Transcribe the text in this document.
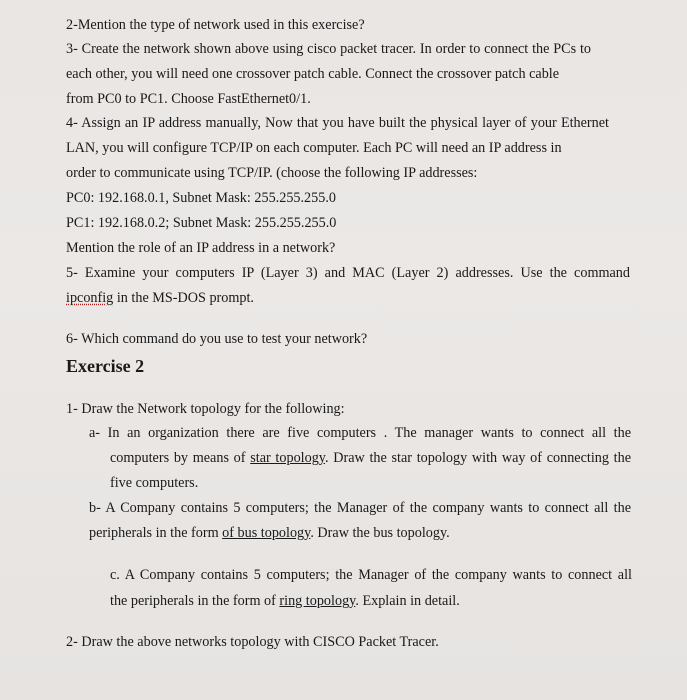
2-Mention the type of network used in this exercise?
3- Create the network shown above using cisco packet tracer. In order to connect the PCs to
each other, you will need one crossover patch cable. Connect the crossover patch cable
from PC0 to PC1. Choose FastEthernet0/1.
4- Assign an IP address manually, Now that you have built the physical layer of your Ethernet
LAN, you will configure TCP/IP on each computer. Each PC will need an IP address in
order to communicate using TCP/IP. (choose the following IP addresses:
PC0: 192.168.0.1, Subnet Mask: 255.255.255.0
PC1: 192.168.0.2; Subnet Mask: 255.255.255.0
Mention the role of an IP address in a network?
5- Examine your computers IP (Layer 3) and MAC (Layer 2) addresses. Use the command
ipconfig in the MS-DOS prompt.
6- Which command do you use to test your network?
Exercise 2
1- Draw the Network topology for the following:
a- In an organization there are five computers . The manager wants to connect all the
computers by means of star topology. Draw the star topology with way of connecting the
five computers.
b- A Company contains 5 computers; the Manager of the company wants to connect all the
peripherals in the form of bus topology. Draw the bus topology.
c. A Company contains 5 computers; the Manager of the company wants to connect all
the peripherals in the form of ring topology. Explain in detail.
2- Draw the above networks topology with CISCO Packet Tracer.
